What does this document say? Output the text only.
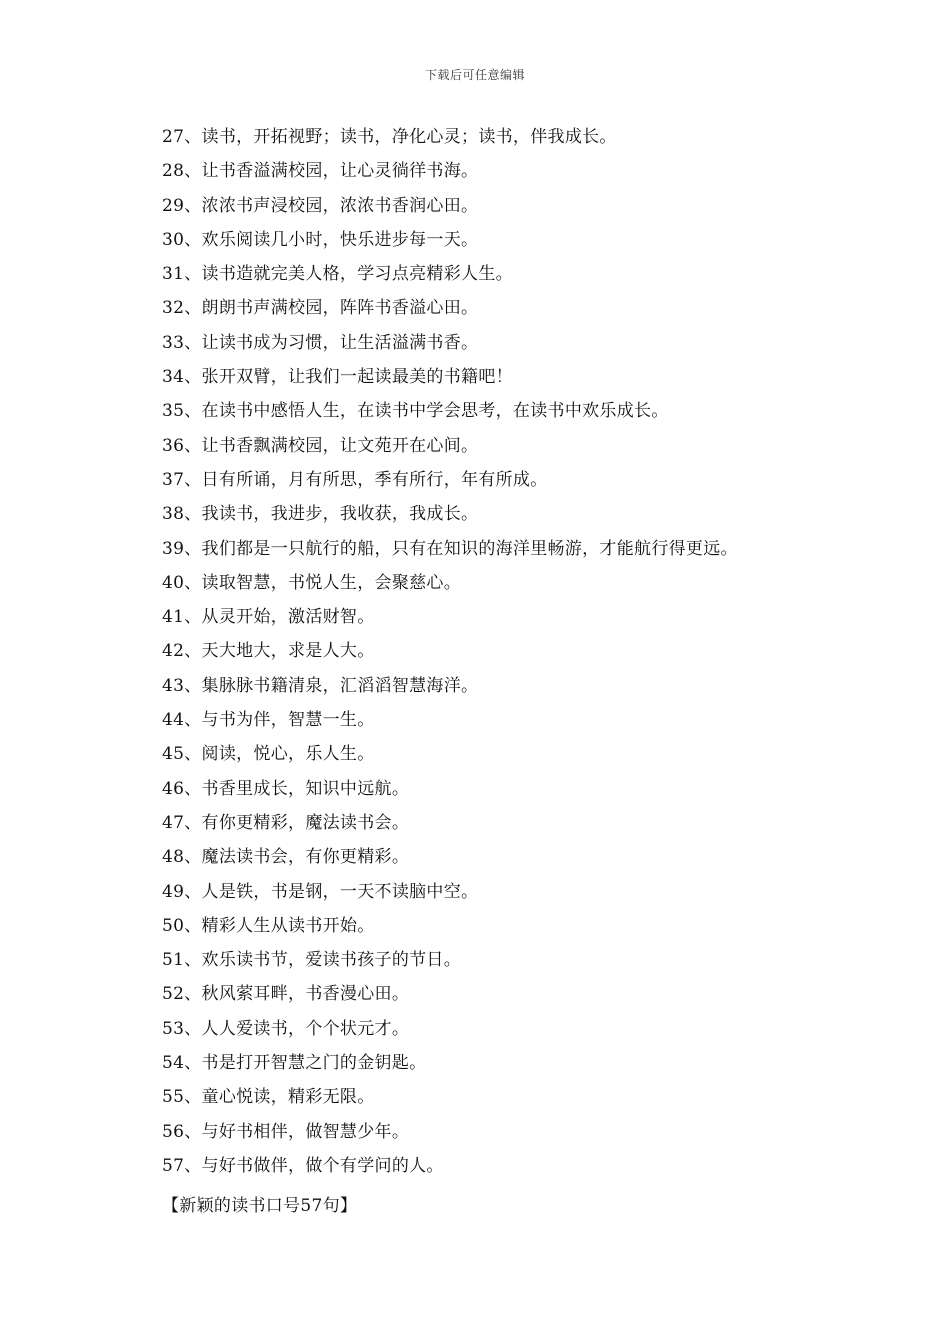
下载后可任意编辑
27、读书，开拓视野；读书，净化心灵；读书，伴我成长。
28、让书香溢满校园，让心灵徜徉书海。
29、浓浓书声浸校园，浓浓书香润心田。
30、欢乐阅读几小时，快乐进步每一天。
31、读书造就完美人格，学习点亮精彩人生。
32、朗朗书声满校园，阵阵书香溢心田。
33、让读书成为习惯，让生活溢满书香。
34、张开双臂，让我们一起读最美的书籍吧！
35、在读书中感悟人生，在读书中学会思考，在读书中欢乐成长。
36、让书香飘满校园，让文苑开在心间。
37、日有所诵，月有所思，季有所行，年有所成。
38、我读书，我进步，我收获，我成长。
39、我们都是一只航行的船，只有在知识的海洋里畅游，才能航行得更远。
40、读取智慧，书悦人生，会聚慈心。
41、从灵开始，激活财智。
42、天大地大，求是人大。
43、集脉脉书籍清泉，汇滔滔智慧海洋。
44、与书为伴，智慧一生。
45、阅读，悦心，乐人生。
46、书香里成长，知识中远航。
47、有你更精彩，魔法读书会。
48、魔法读书会，有你更精彩。
49、人是铁，书是钢，一天不读脑中空。
50、精彩人生从读书开始。
51、欢乐读书节，爱读书孩子的节日。
52、秋风萦耳畔，书香漫心田。
53、人人爱读书，个个状元才。
54、书是打开智慧之门的金钥匙。
55、童心悦读，精彩无限。
56、与好书相伴，做智慧少年。
57、与好书做伴，做个有学问的人。
【新颖的读书口号57句】
